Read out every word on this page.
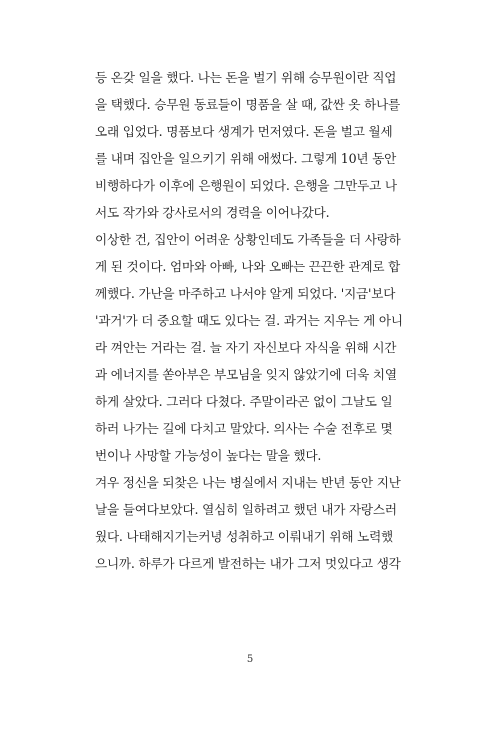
등 온갖 일을 했다. 나는 돈을 벌기 위해 승무원이란 직업
을 택했다. 승무원 동료들이 명품을 살 때, 값싼 옷 하나를
오래 입었다. 명품보다 생계가 먼저였다. 돈을 벌고 월세
를 내며 집안을 일으키기 위해 애썼다. 그렇게 10년 동안
비행하다가 이후에 은행원이 되었다. 은행을 그만두고 나
서도 작가와 강사로서의 경력을 이어나갔다.
이상한 건, 집안이 어려운 상황인데도 가족들을 더 사랑하
게 된 것이다. 엄마와 아빠, 나와 오빠는 끈끈한 관계로 합
께했다. 가난을 마주하고 나서야 알게 되었다. '지금'보다
'과거'가 더 중요할 때도 있다는 걸. 과거는 지우는 게 아니
라 껴안는 거라는 걸. 늘 자기 자신보다 자식을 위해 시간
과 에너지를 쏟아부은 부모님을 잊지 않았기에 더욱 치열
하게 살았다. 그러다 다쳤다. 주말이라곤 없이 그날도 일
하러 나가는 길에 다치고 말았다. 의사는 수술 전후로 몇
번이나 사망할 가능성이 높다는 말을 했다.
겨우 정신을 되찾은 나는 병실에서 지내는 반년 동안 지난
날을 들여다보았다. 열심히 일하려고 했던 내가 자랑스러
웠다. 나태해지기는커녕 성취하고 이뤄내기 위해 노력했
으니까. 하루가 다르게 발전하는 내가 그저 멋있다고 생각
5
